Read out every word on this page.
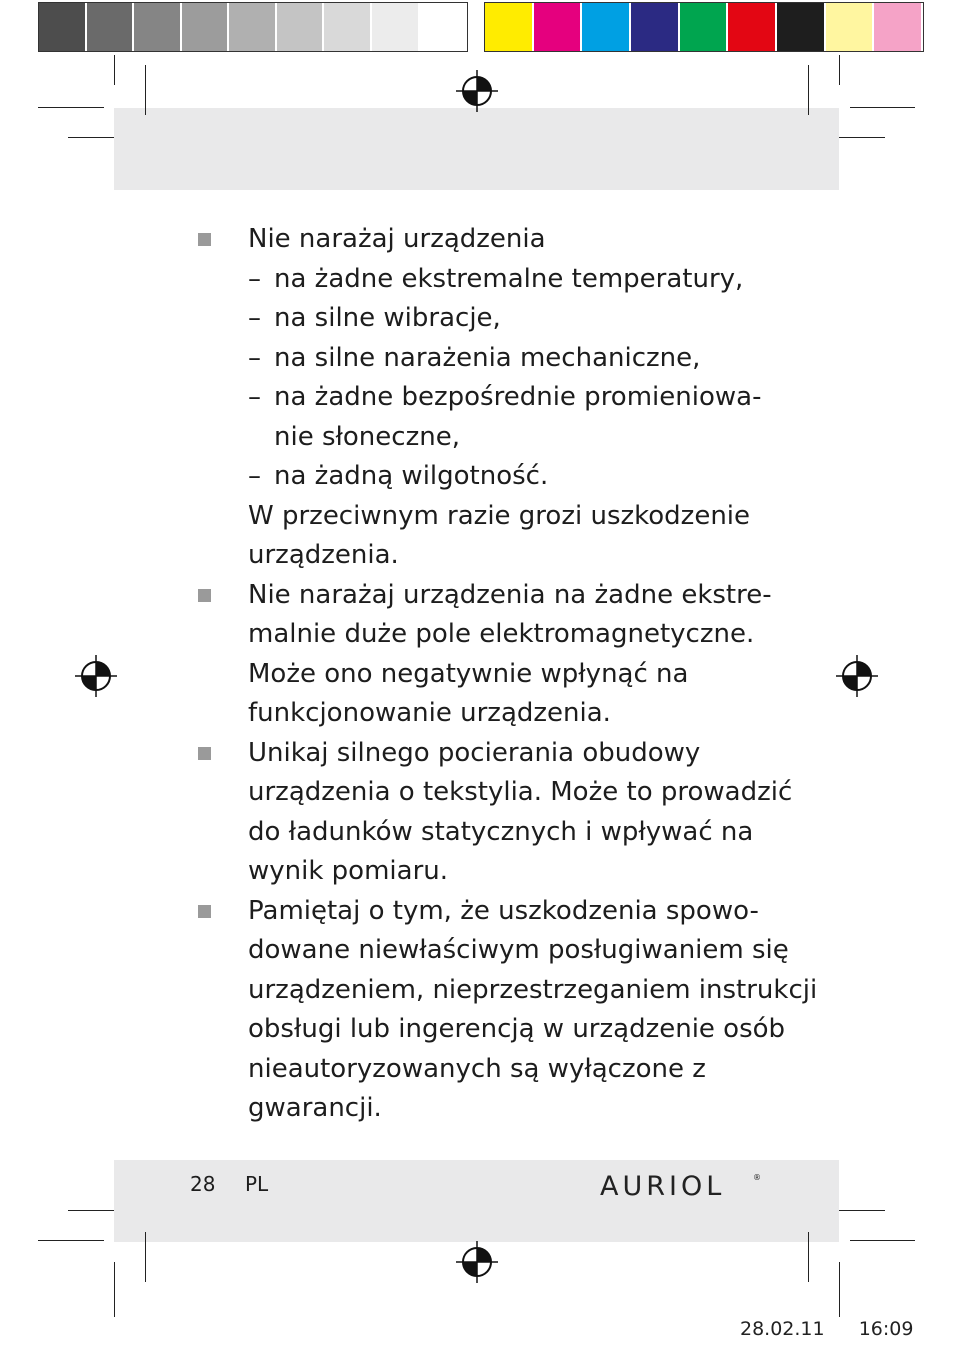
Nie narażaj urządzenia
– na żadne ekstremalne temperatury,
– na silne wibracje,
– na silne narażenia mechaniczne,
– na żadne bezpośrednie promieniowa-
nie słoneczne,
– na żadną wilgotność.
W przeciwnym razie grozi uszkodzenie
urządzenia.
Nie narażaj urządzenia na żadne ekstre-
malnie duże pole elektromagnetyczne.
Może ono negatywnie wpłynąć na
funkcjonowanie urządzenia.
Unikaj silnego pocierania obudowy
urządzenia o tekstylia. Może to prowadzić
do ładunków statycznych i wpływać na
wynik pomiaru.
Pamiętaj o tym, że uszkodzenia spowo-
dowane niewłaściwym posługiwaniem się
urządzeniem, nieprzestrzeganiem instrukcji
obsługi lub ingerencją w urządzenie osób
nieautoryzowanych są wyłączone z
gwarancji.
28 PL	AURIOL	®
28.02.11 16:09
